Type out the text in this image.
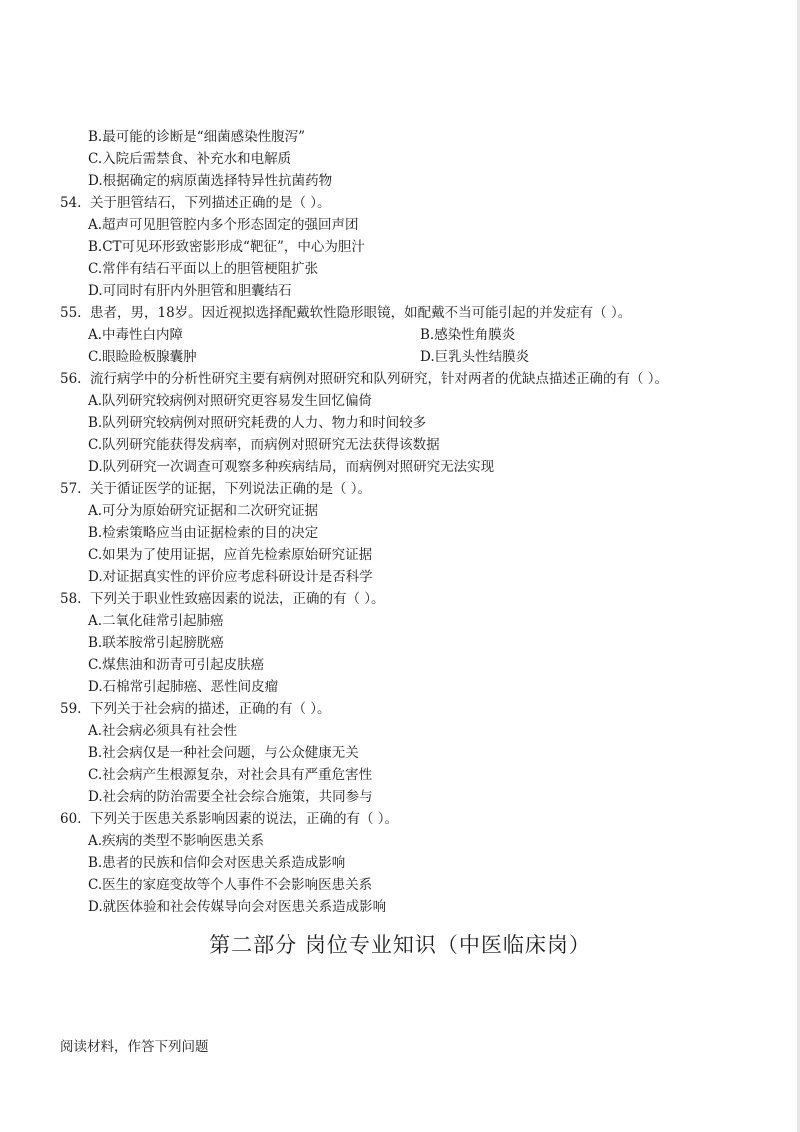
B.最可能的诊断是“细菌感染性腹泻”
C.入院后需禁食、补充水和电解质
D.根据确定的病原菌选择特异性抗菌药物
54. 关于胆管结石，下列描述正确的是（ ）。
A.超声可见胆管腔内多个形态固定的强回声团
B.CT可见环形致密影形成“靶征”，中心为胆汁
C.常伴有结石平面以上的胆管梗阻扩张
D.可同时有肝内外胆管和胆囊结石
55. 患者，男，18岁。因近视拟选择配戴软性隐形眼镜，如配戴不当可能引起的并发症有（ ）。
A.中毒性白内障	B.感染性角膜炎
C.眼睑睑板腺囊肿	D.巨乳头性结膜炎
56. 流行病学中的分析性研究主要有病例对照研究和队列研究，针对两者的优缺点描述正确的有（ ）。
A.队列研究较病例对照研究更容易发生回忆偏倚
B.队列研究较病例对照研究耗费的人力、物力和时间较多
C.队列研究能获得发病率，而病例对照研究无法获得该数据
D.队列研究一次调查可观察多种疾病结局，而病例对照研究无法实现
57. 关于循证医学的证据，下列说法正确的是（ ）。
A.可分为原始研究证据和二次研究证据
B.检索策略应当由证据检索的目的决定
C.如果为了使用证据，应首先检索原始研究证据
D.对证据真实性的评价应考虑科研设计是否科学
58. 下列关于职业性致癌因素的说法，正确的有（ ）。
A.二氧化硅常引起肺癌
B.联苯胺常引起膀胱癌
C.煤焦油和沥青可引起皮肤癌
D.石棉常引起肺癌、恶性间皮瘤
59. 下列关于社会病的描述，正确的有（ ）。
A.社会病必须具有社会性
B.社会病仅是一种社会问题，与公众健康无关
C.社会病产生根源复杂，对社会具有严重危害性
D.社会病的防治需要全社会综合施策，共同参与
60. 下列关于医患关系影响因素的说法，正确的有（ ）。
A.疾病的类型不影响医患关系
B.患者的民族和信仰会对医患关系造成影响
C.医生的家庭变故等个人事件不会影响医患关系
D.就医体验和社会传媒导向会对医患关系造成影响
第二部分 岗位专业知识（中医临床岗）
阅读材料，作答下列问题
